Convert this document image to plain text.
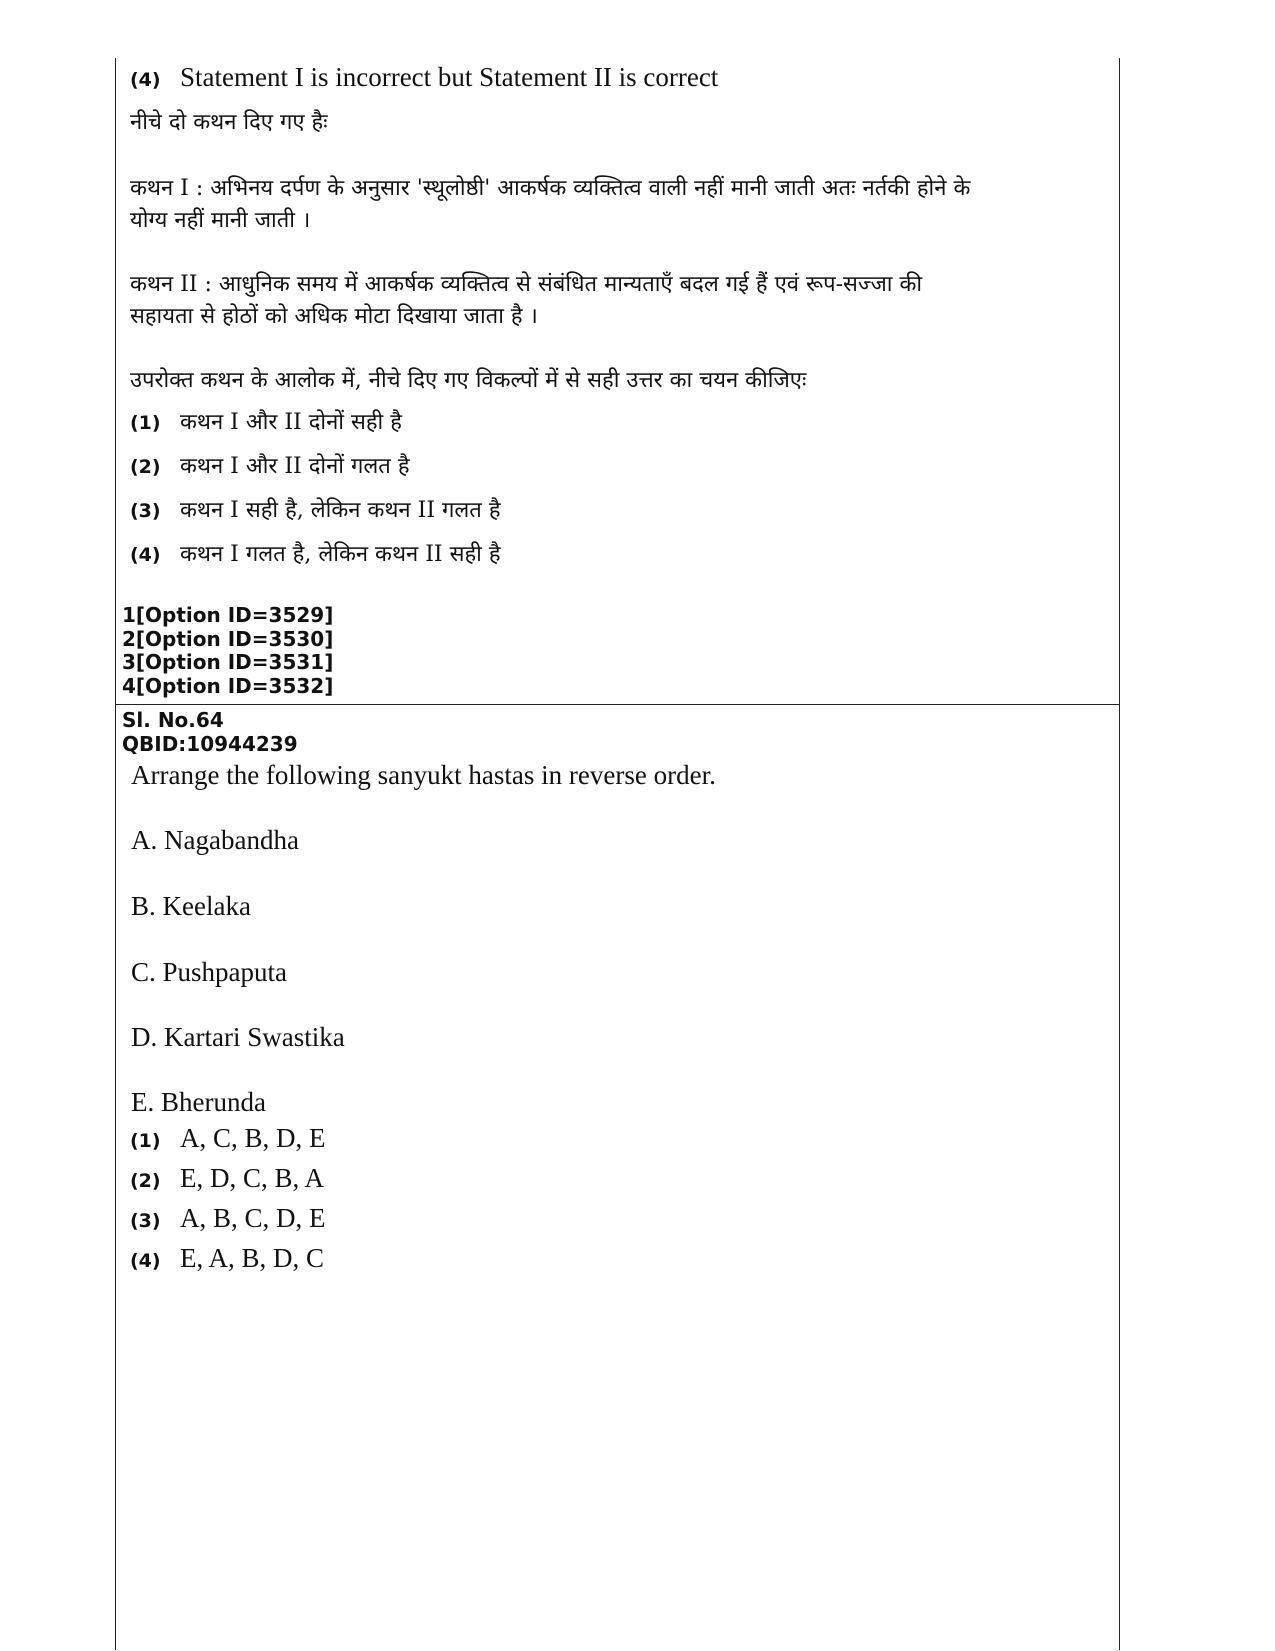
(4) Statement I is incorrect but Statement II is correct
नीचे दो कथन दिए गए हैः
कथन I : अभिनय दर्पण के अनुसार 'स्थूलोष्ठी' आकर्षक व्यक्तित्व वाली नहीं मानी जाती अतः नर्तकी होने के
योग्य नहीं मानी जाती ।
कथन II : आधुनिक समय में आकर्षक व्यक्तित्व से संबंधित मान्यताएँ बदल गई हैं एवं रूप-सज्जा की
सहायता से होठों को अधिक मोटा दिखाया जाता है ।
उपरोक्त कथन के आलोक में, नीचे दिए गए विकल्पों में से सही उत्तर का चयन कीजिएः
(1) कथन I और II दोनों सही है
(2) कथन I और II दोनों गलत है
(3) कथन I सही है, लेकिन कथन II गलत है
(4) कथन I गलत है, लेकिन कथन II सही है
1[Option ID=3529]
2[Option ID=3530]
3[Option ID=3531]
4[Option ID=3532]
Sl. No.64
QBID:10944239
Arrange the following sanyukt hastas in reverse order.
A. Nagabandha
B. Keelaka
C. Pushpaputa
D. Kartari Swastika
E. Bherunda
(1) A, C, B, D, E
(2) E, D, C, B, A
(3) A, B, C, D, E
(4) E, A, B, D, C
